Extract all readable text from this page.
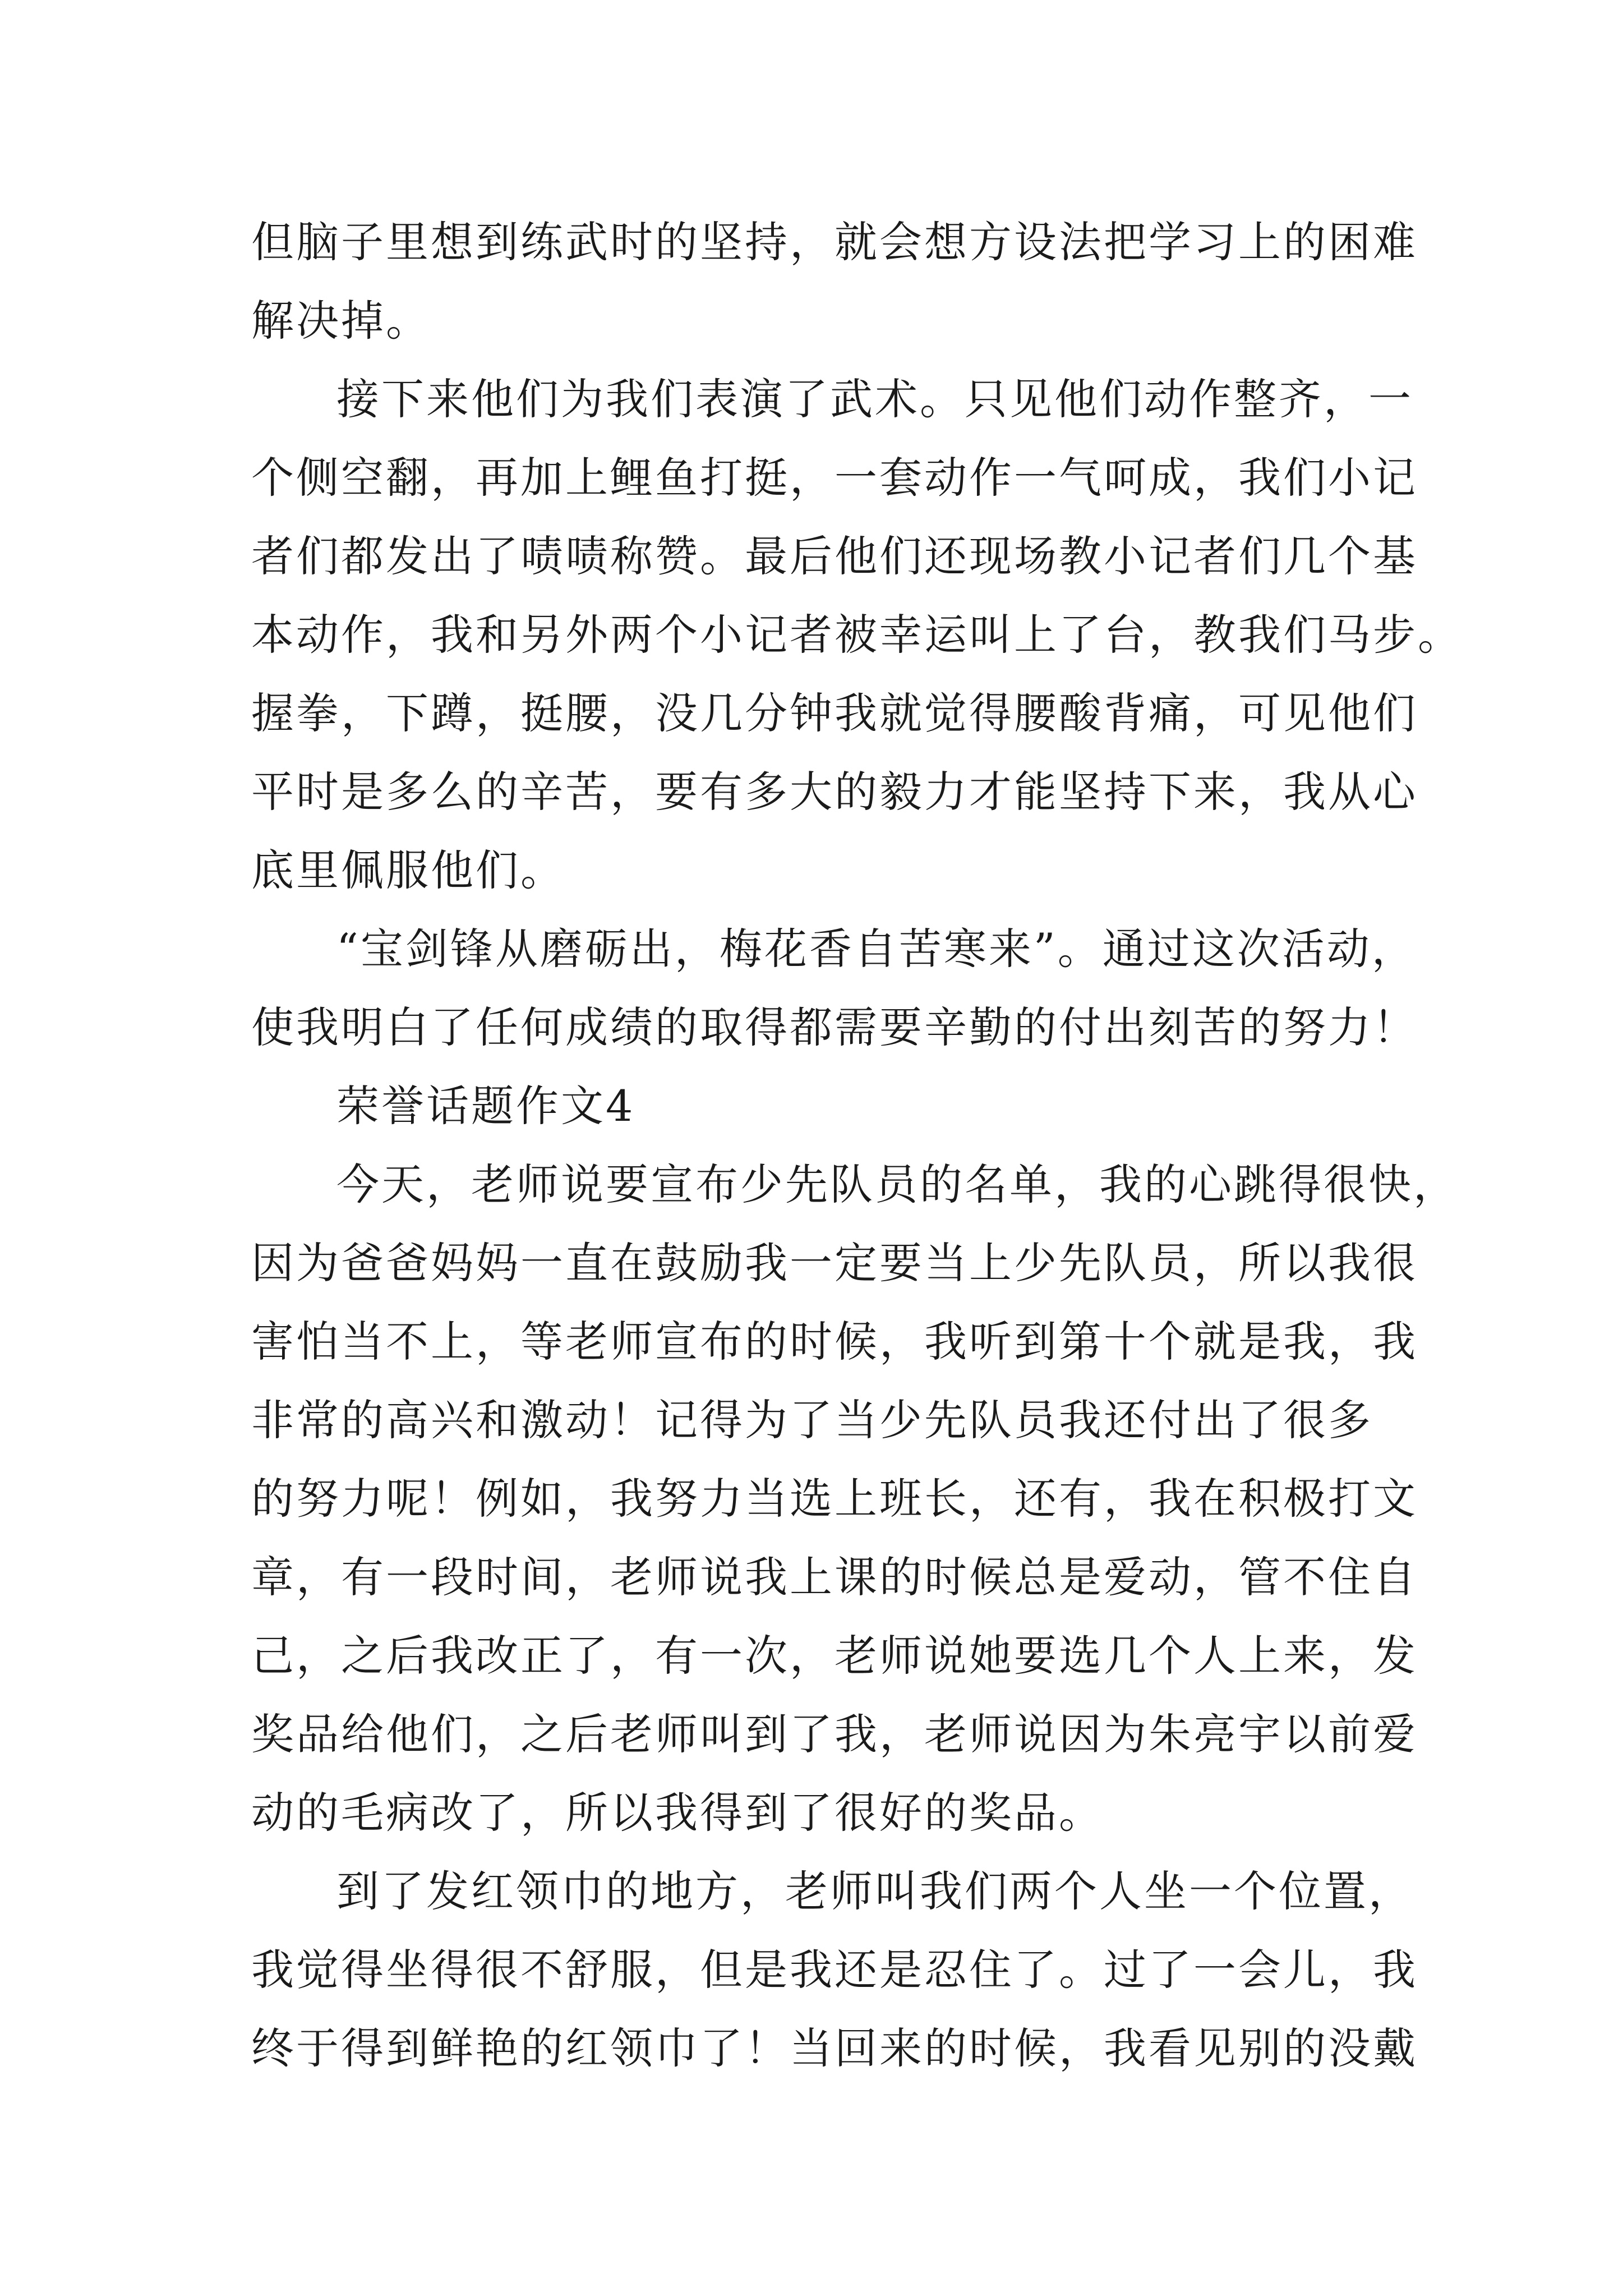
但脑子里想到练武时的坚持，就会想方设法把学习上的困难
解决掉。
接下来他们为我们表演了武术。只见他们动作整齐，一
个侧空翻，再加上鲤鱼打挺，一套动作一气呵成，我们小记
者们都发出了啧啧称赞。最后他们还现场教小记者们几个基
本动作，我和另外两个小记者被幸运叫上了台，教我们马步。
握拳，下蹲，挺腰，没几分钟我就觉得腰酸背痛，可见他们
平时是多么的辛苦，要有多大的毅力才能坚持下来，我从心
底里佩服他们。
“宝剑锋从磨砺出，梅花香自苦寒来”。通过这次活动，
使我明白了任何成绩的取得都需要辛勤的付出刻苦的努力！
荣誉话题作文4
今天，老师说要宣布少先队员的名单，我的心跳得很快，
因为爸爸妈妈一直在鼓励我一定要当上少先队员，所以我很
害怕当不上，等老师宣布的时候，我听到第十个就是我，我
非常的高兴和激动！记得为了当少先队员我还付出了很多
的努力呢！例如，我努力当选上班长，还有，我在积极打文
章，有一段时间，老师说我上课的时候总是爱动，管不住自
己，之后我改正了，有一次，老师说她要选几个人上来，发
奖品给他们，之后老师叫到了我，老师说因为朱亮宇以前爱
动的毛病改了，所以我得到了很好的奖品。
到了发红领巾的地方，老师叫我们两个人坐一个位置，
我觉得坐得很不舒服，但是我还是忍住了。过了一会儿，我
终于得到鲜艳的红领巾了！当回来的时候，我看见别的没戴
